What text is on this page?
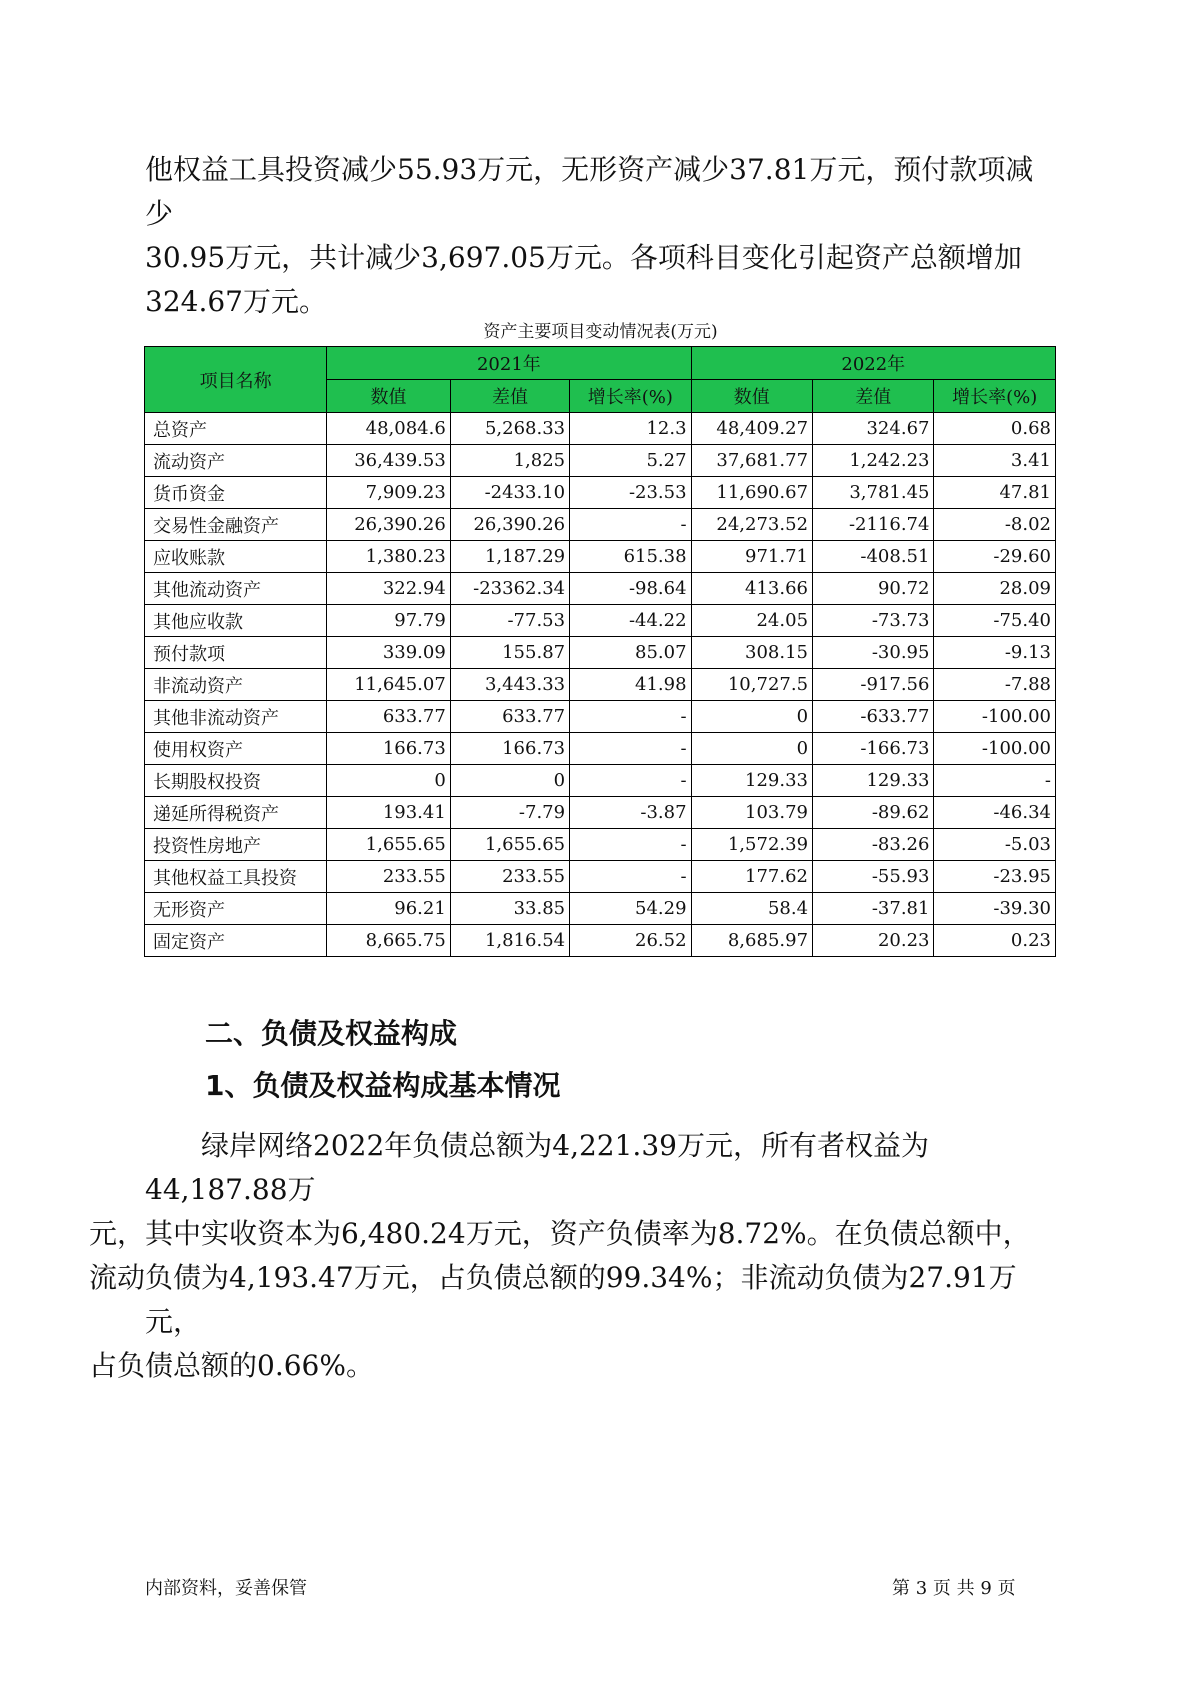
他权益工具投资减少55.93万元，无形资产减少37.81万元，预付款项减少

30.95万元，共计减少3,697.05万元。各项科目变化引起资产总额增加

324.67万元。

资产主要项目变动情况表(万元)
项目名称	2021年			2022年		
	数值	差值	增长率(%)	数值	差值	增长率(%)
总资产	48,084.6	5,268.33	12.3	48,409.27	324.67	0.68
流动资产	36,439.53	1,825	5.27	37,681.77	1,242.23	3.41
货币资金	7,909.23	-2433.10	-23.53	11,690.67	3,781.45	47.81
交易性金融资产	26,390.26	26,390.26	-	24,273.52	-2116.74	-8.02
应收账款	1,380.23	1,187.29	615.38	971.71	-408.51	-29.60
其他流动资产	322.94	-23362.34	-98.64	413.66	90.72	28.09
其他应收款	97.79	-77.53	-44.22	24.05	-73.73	-75.40
预付款项	339.09	155.87	85.07	308.15	-30.95	-9.13
非流动资产	11,645.07	3,443.33	41.98	10,727.5	-917.56	-7.88
其他非流动资产	633.77	633.77	-	0	-633.77	-100.00
使用权资产	166.73	166.73	-	0	-166.73	-100.00
长期股权投资	0	0	-	129.33	129.33	-
递延所得税资产	193.41	-7.79	-3.87	103.79	-89.62	-46.34
投资性房地产	1,655.65	1,655.65	-	1,572.39	-83.26	-5.03
其他权益工具投资	233.55	233.55	-	177.62	-55.93	-23.95
无形资产	96.21	33.85	54.29	58.4	-37.81	-39.30
固定资产	8,665.75	1,816.54	26.52	8,685.97	20.23	0.23
二、负债及权益构成
1、负债及权益构成基本情况

绿岸网络2022年负债总额为4,221.39万元，所有者权益为44,187.88万

元，其中实收资本为6,480.24万元，资产负债率为8.72%。在负债总额中，

流动负债为4,193.47万元，占负债总额的99.34%；非流动负债为27.91万元，

占负债总额的0.66%。

内部资料，妥善保管	第 3 页 共 9 页
